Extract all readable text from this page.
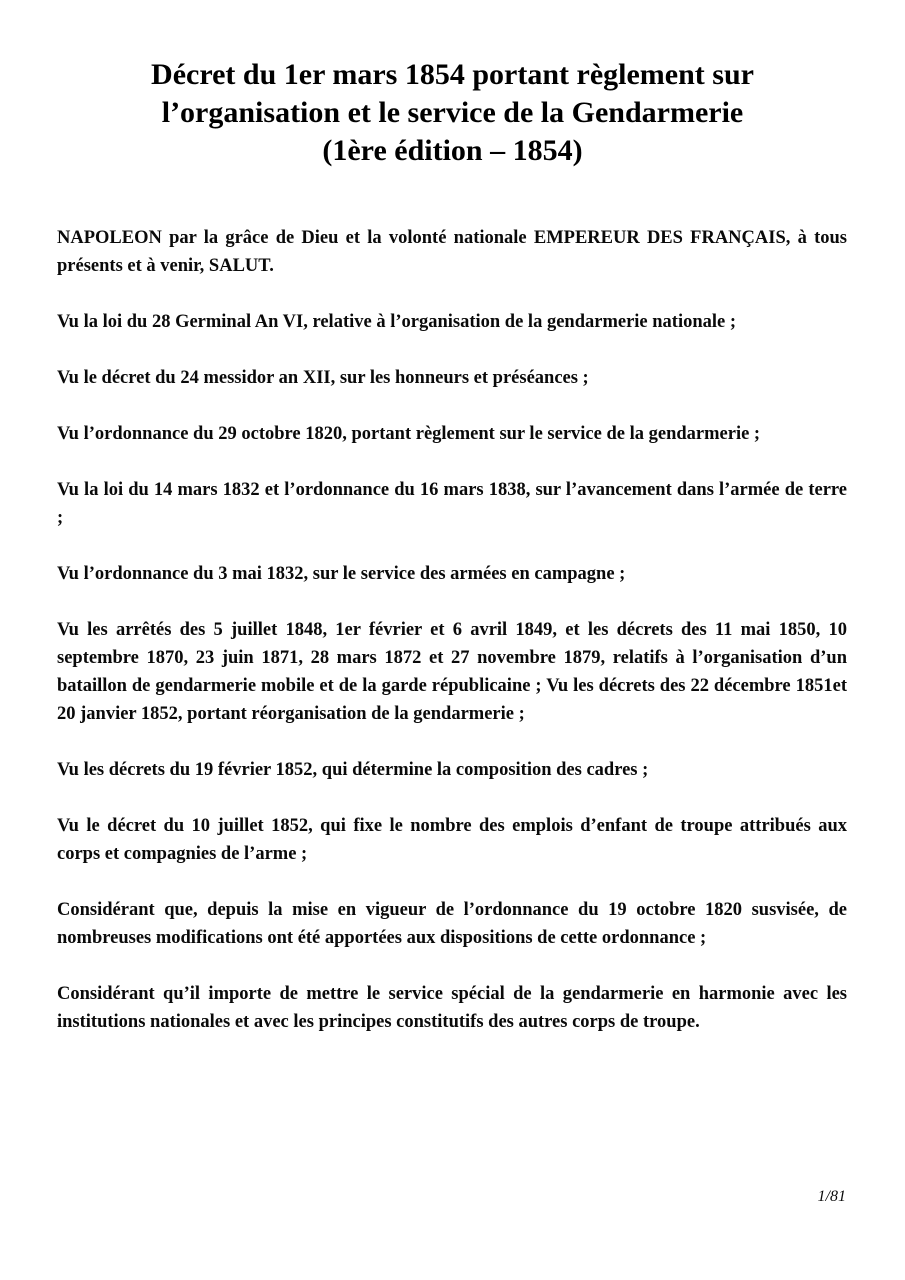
Décret du 1er mars 1854 portant règlement sur
l’organisation et le service de la Gendarmerie
(1ère édition – 1854)

NAPOLEON par la grâce de Dieu et la volonté nationale EMPEREUR DES FRANÇAIS, à tous présents et à venir, SALUT.

Vu la loi du 28 Germinal An VI, relative à l’organisation de la gendarmerie nationale ;

Vu le décret du 24 messidor an XII, sur les honneurs et préséances ;

Vu l’ordonnance du 29 octobre 1820, portant règlement sur le service de la gendarmerie ;

Vu la loi du 14 mars 1832 et l’ordonnance du 16 mars 1838, sur l’avancement dans l’armée de terre ;

Vu l’ordonnance du 3 mai 1832, sur le service des armées en campagne ;

Vu les arrêtés des 5 juillet 1848, 1er février et 6 avril 1849, et les décrets des 11 mai 1850, 10 septembre 1870, 23 juin 1871, 28 mars 1872 et 27 novembre 1879, relatifs à l’organisation d’un bataillon de gendarmerie mobile et de la garde républicaine ; Vu les décrets des 22 décembre 1851et 20 janvier 1852, portant réorganisation de la gendarmerie ;

Vu les décrets du 19 février 1852, qui détermine la composition des cadres ;

Vu le décret du 10 juillet 1852, qui fixe le nombre des emplois d’enfant de troupe attribués aux corps et compagnies de l’arme ;

Considérant que, depuis la mise en vigueur de l’ordonnance du 19 octobre 1820 susvisée, de nombreuses modifications ont été apportées aux dispositions de cette ordonnance ;

Considérant qu’il importe de mettre le service spécial de la gendarmerie en harmonie avec les institutions nationales et avec les principes constitutifs des autres corps de troupe.

1/81
